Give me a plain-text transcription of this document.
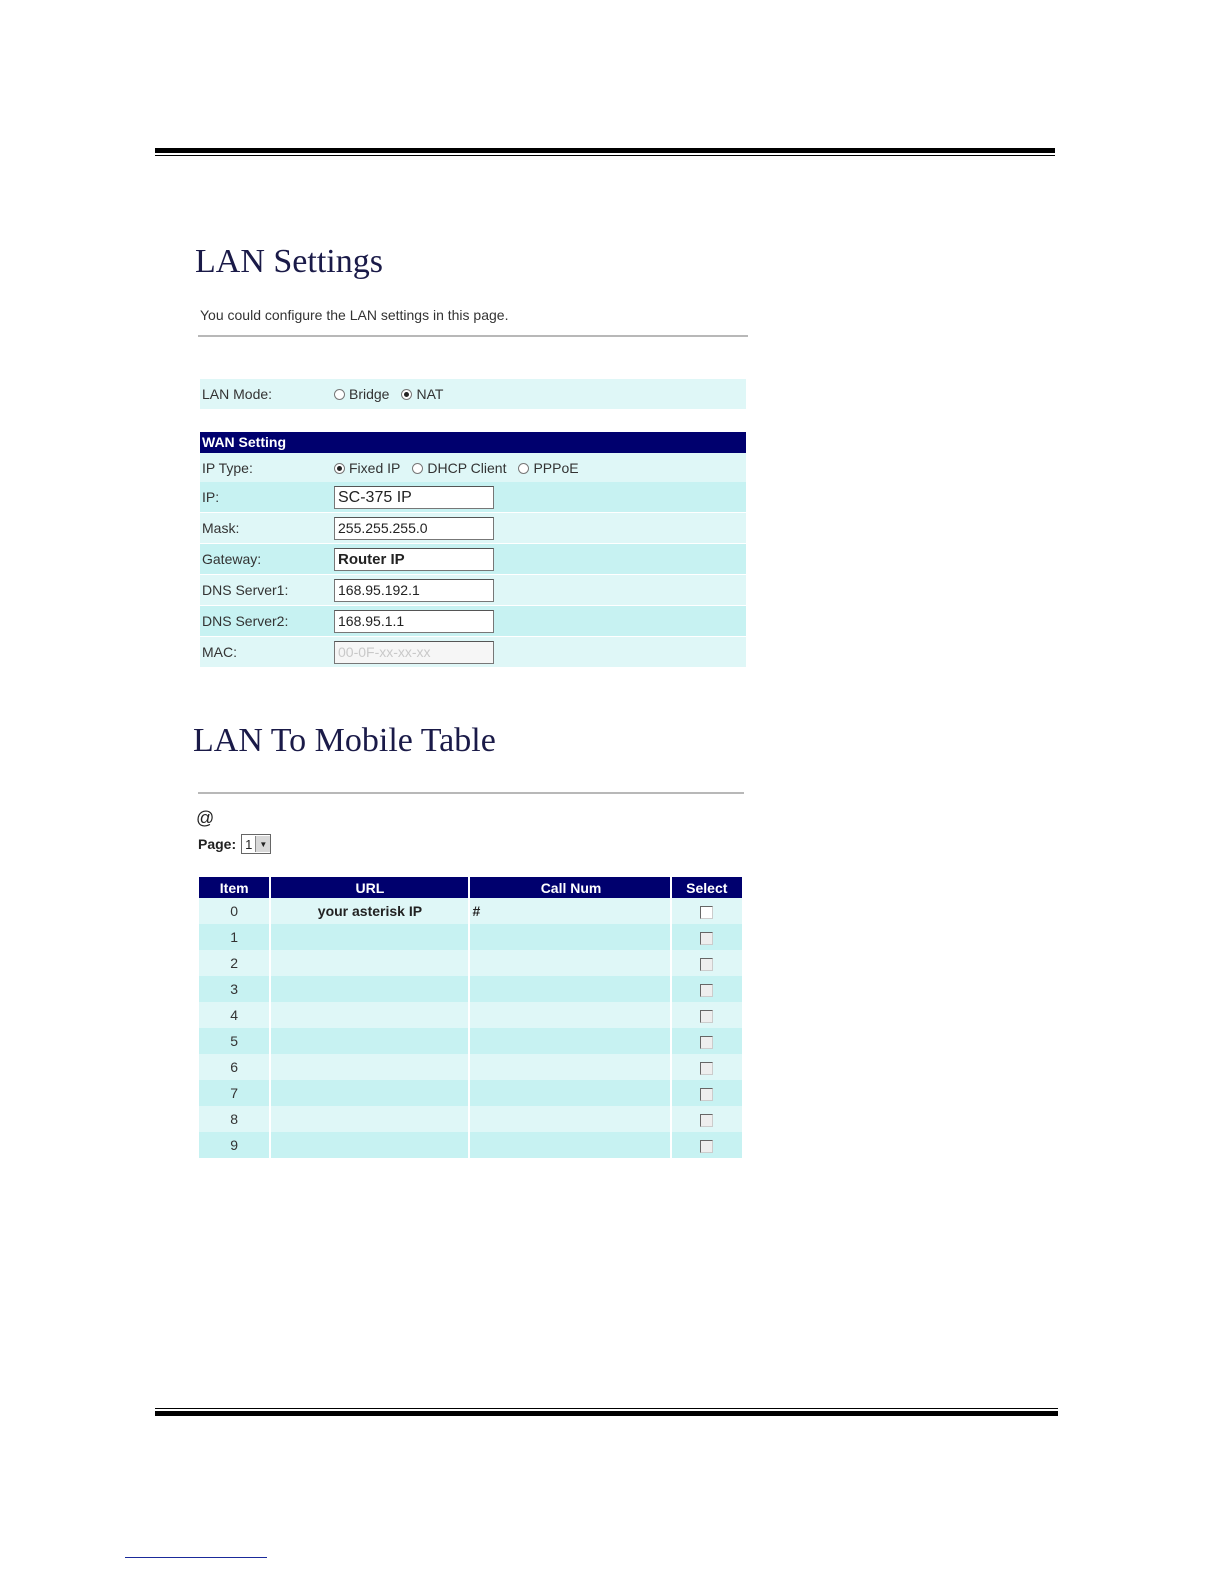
LAN Settings
You could configure the LAN settings in this page.
LAN Mode:	Bridge NAT
WAN Setting
IP Type:	Fixed IP DHCP Client PPPoE
IP:	SC-375 IP
Mask:	255.255.255.0
Gateway:	Router IP
DNS Server1:	168.95.192.1
DNS Server2:	168.95.1.1
MAC:	00-0F-xx-xx-xx
LAN To Mobile Table
@
Page: 1 ▼
Item	URL	Call Num	Select
0	your asterisk IP	#	
1			
2			
3			
4			
5			
6			
7			
8			
9			
